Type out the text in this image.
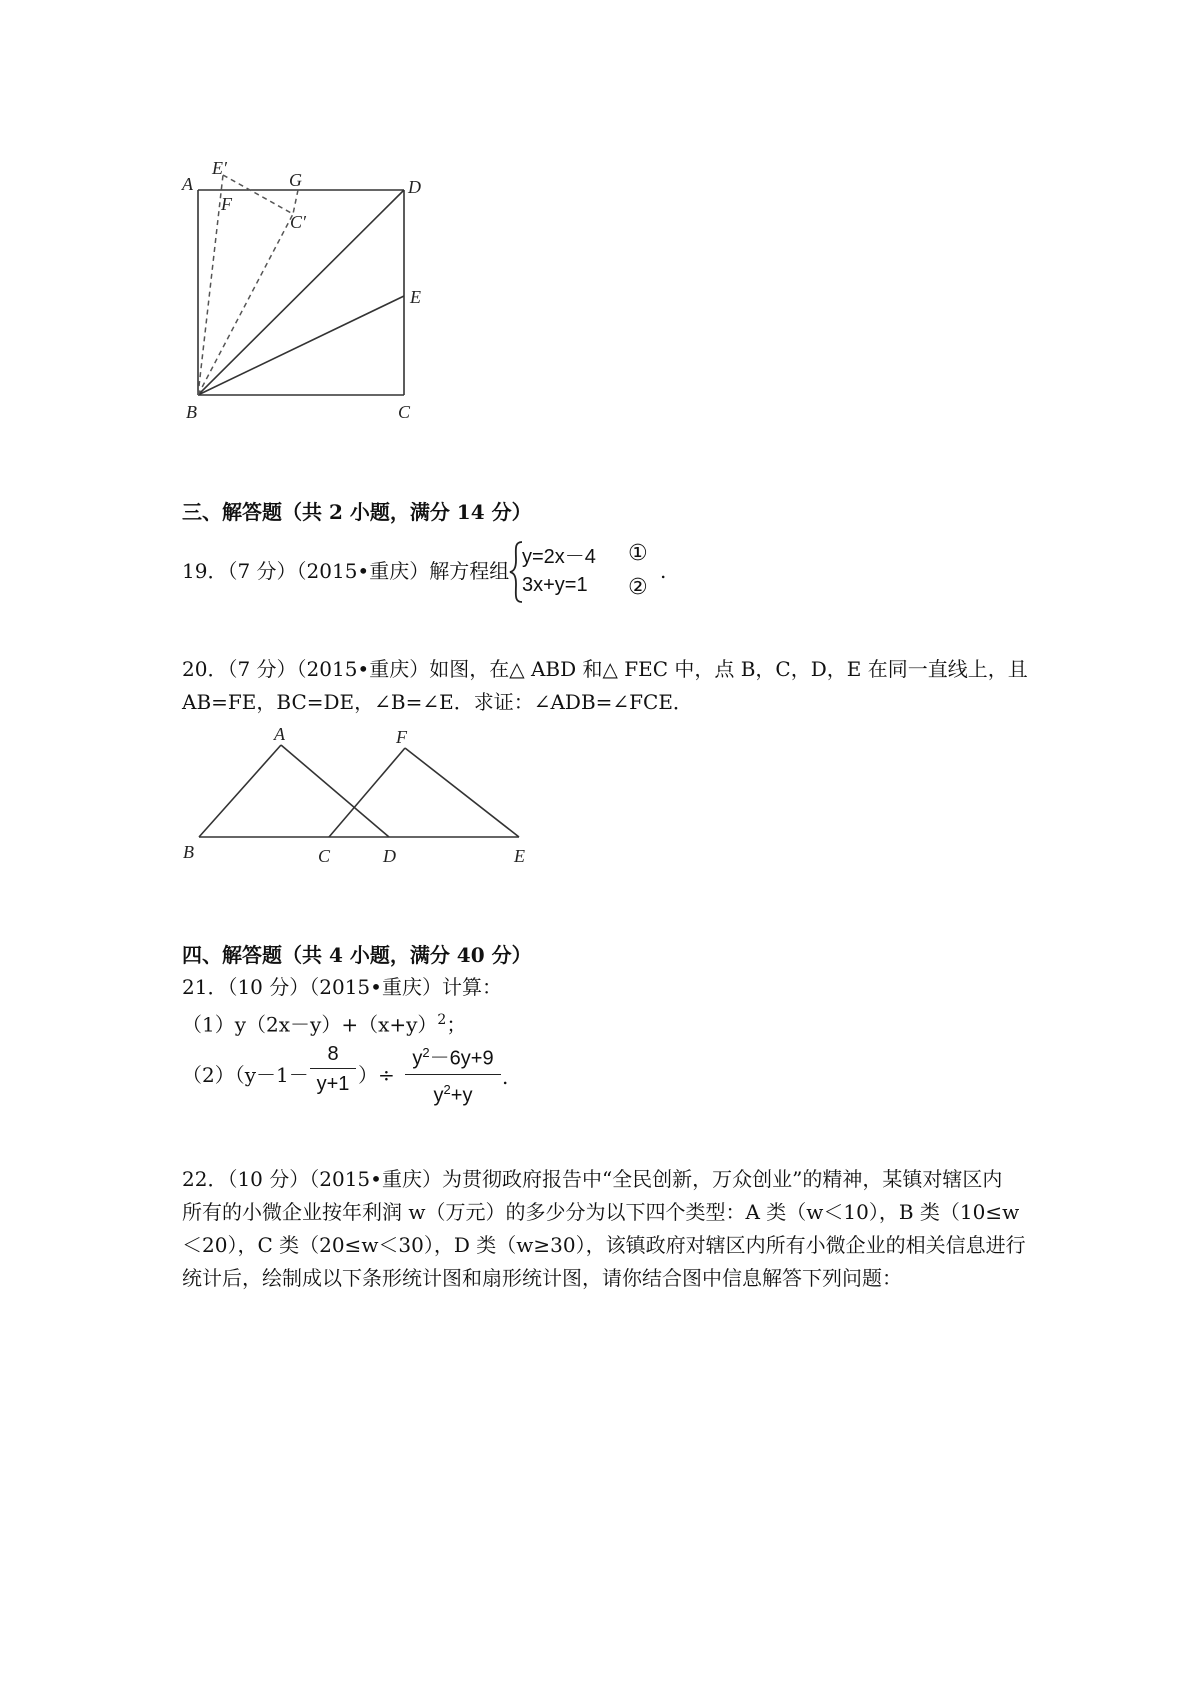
A
E′
G	D
F
C′
E
B	C
三、解答题（共 2 小题，满分 14 分）
19．（7 分）（2015•重庆）解方程组
y=2x－4 ①
3x+y=1 ②
.
20．（7 分）（2015•重庆）如图，在△ ABD 和△ FEC 中，点 B，C，D，E 在同一直线上，且
AB=FE，BC=DE，∠B=∠E．求证：∠ADB=∠FCE．
A	F
B	C	D	E
四、解答题（共 4 小题，满分 40 分）
21．（10 分）（2015•重庆）计算：
$(1)y(2x-y)+(x+y)^2$；
（2）（y－1－
8
y+1 ）÷
$y^2-6y+9$
$y^2+y$
.
22．（10 分）（2015•重庆）为贯彻政府报告中“全民创新，万众创业”的精神，某镇对辖区内
所有的小微企业按年利润 w（万元）的多少分为以下四个类型：A 类（w＜10），B 类（10≤w
＜20），C 类（20≤w＜30），D 类（w≥30），该镇政府对辖区内所有小微企业的相关信息进行
统计后，绘制成以下条形统计图和扇形统计图，请你结合图中信息解答下列问题：
